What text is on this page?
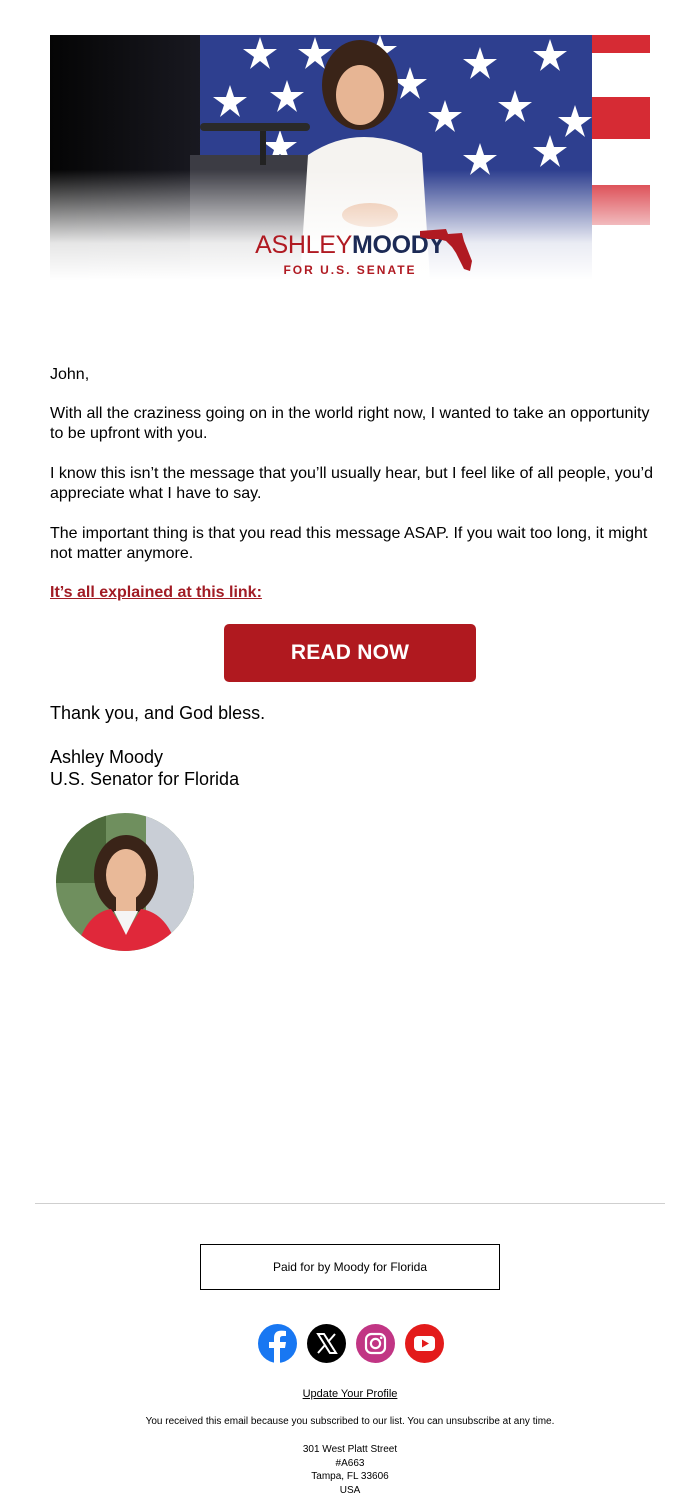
ASHLEYMOODY
FOR U.S. SENATE
John,
With all the craziness going on in the world right now, I wanted to take an opportunity to be upfront with you.
I know this isn’t the message that you’ll usually hear, but I feel like of all people, you’d appreciate what I have to say.
The important thing is that you read this message ASAP. If you wait too long, it might not matter anymore.
It’s all explained at this link:
READ NOW
Thank you, and God bless.
Ashley Moody
U.S. Senator for Florida
Paid for by Moody for Florida
Update Your Profile
You received this email because you subscribed to our list. You can unsubscribe at any time.
301 West Platt Street
#A663
Tampa, FL 33606
USA
